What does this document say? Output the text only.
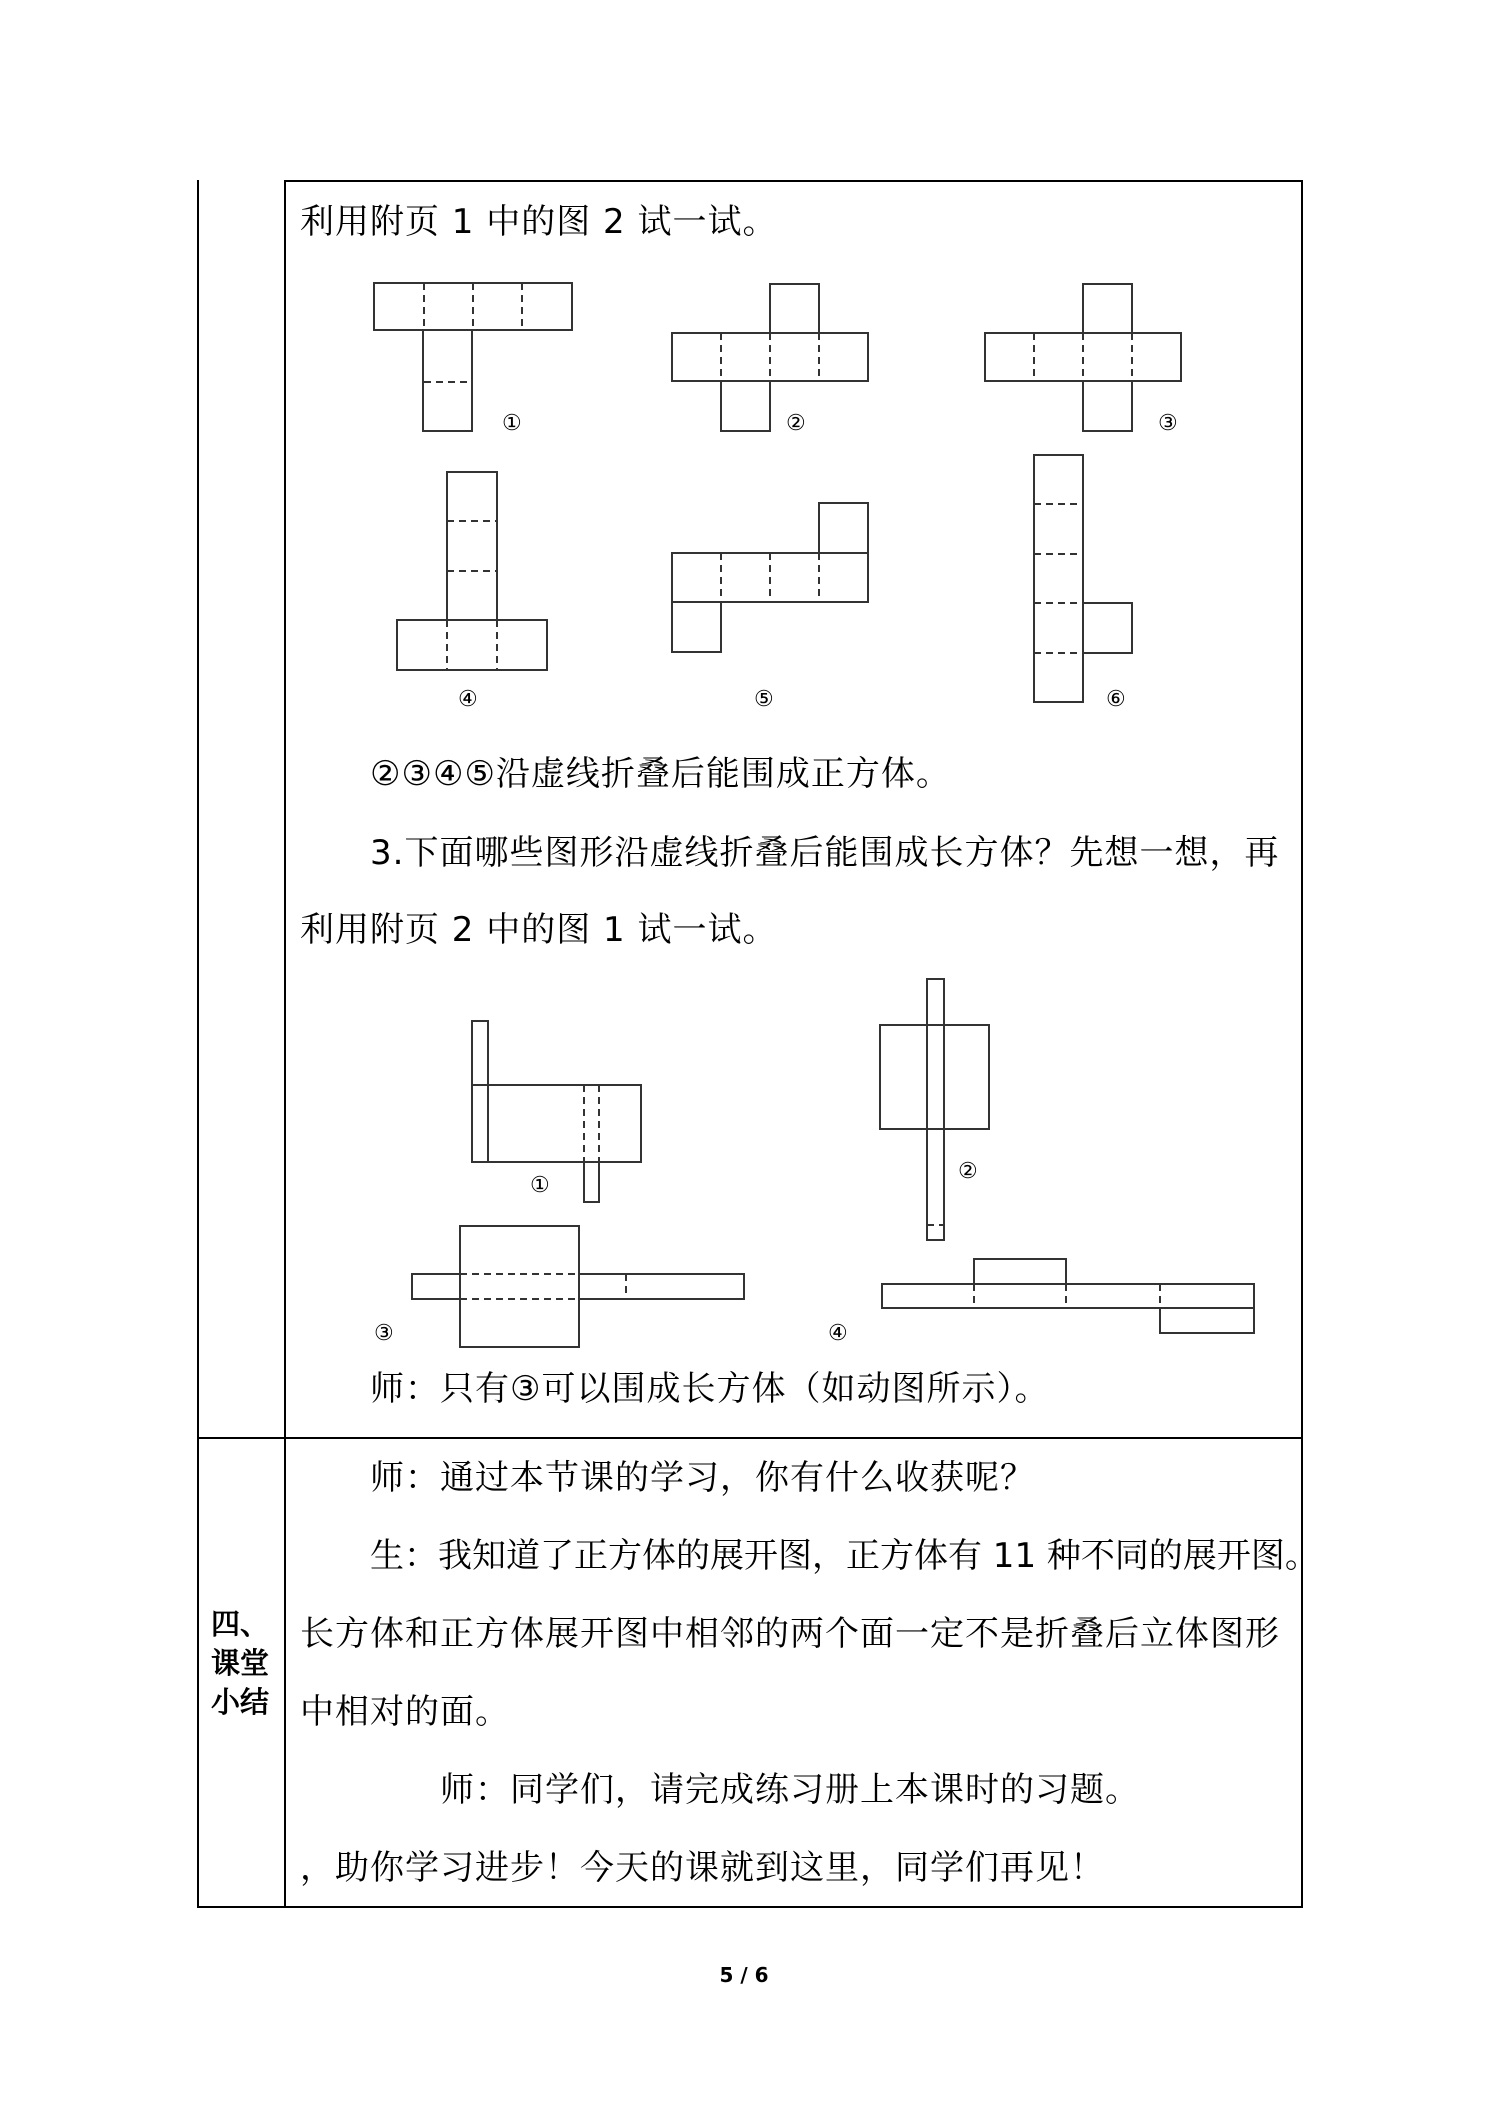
利用附页 1 中的图 2 试一试。
①	②	③
④	⑤	⑥
②③④⑤沿虚线折叠后能围成正方体。
3.下面哪些图形沿虚线折叠后能围成长方体？先想一想，再
利用附页 2 中的图 1 试一试。
①
②
③	④
师：只有③可以围成长方体（如动图所示）。
四、
课堂
小结
师：通过本节课的学习，你有什么收获呢？
生：我知道了正方体的展开图，正方体有 11 种不同的展开图。
长方体和正方体展开图中相邻的两个面一定不是折叠后立体图形
中相对的面。
师：同学们，请完成练习册上本课时的习题。
，助你学习进步！今天的课就到这里，同学们再见！
5 / 6
